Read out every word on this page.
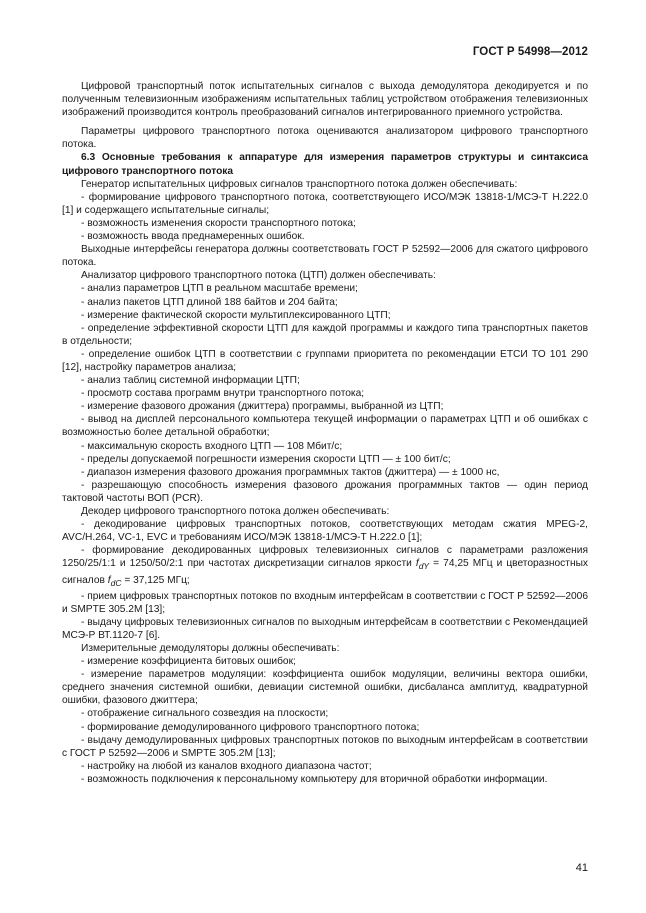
ГОСТ Р 54998—2012

Цифровой транспортный поток испытательных сигналов с выхода демодулятора декодируется и по полученным телевизионным изображениям испытательных таблиц устройством отображения телевизионных изображений производится контроль преобразований сигналов интегрированного приемного устройства.

Параметры цифрового транспортного потока оцениваются анализатором цифрового транспортного потока.

6.3 Основные требования к аппаратуре для измерения параметров структуры и синтаксиса цифрового транспортного потока

Генератор испытательных цифровых сигналов транспортного потока должен обеспечивать:

- формирование цифрового транспортного потока, соответствующего ИСО/МЭК 13818-1/МСЭ-Т Н.222.0 [1] и содержащего испытательные сигналы;

- возможность изменения скорости транспортного потока;

- возможность ввода преднамеренных ошибок.

Выходные интерфейсы генератора должны соответствовать ГОСТ Р 52592—2006 для сжатого цифрового потока.

Анализатор цифрового транспортного потока (ЦТП) должен обеспечивать:

- анализ параметров ЦТП в реальном масштабе времени;

- анализ пакетов ЦТП длиной 188 байтов и 204 байта;

- измерение фактической скорости мультиплексированного ЦТП;

- определение эффективной скорости ЦТП для каждой программы и каждого типа транспортных пакетов в отдельности;

- определение ошибок ЦТП в соответствии с группами приоритета по рекомендации ЕТСИ ТО 101 290 [12], настройку параметров анализа;

- анализ таблиц системной информации ЦТП;

- просмотр состава программ внутри транспортного потока;

- измерение фазового дрожания (джиттера) программы, выбранной из ЦТП;

- вывод на дисплей персонального компьютера текущей информации о параметрах ЦТП и об ошибках с возможностью более детальной обработки;

- максимальную скорость входного ЦТП — 108 Мбит/с;

- пределы допускаемой погрешности измерения скорости ЦТП — ± 100 бит/с;

- диапазон измерения фазового дрожания программных тактов (джиттера) — ± 1000 нс,

- разрешающую способность измерения фазового дрожания программных тактов — один период тактовой частоты ВОП (PCR).

Декодер цифрового транспортного потока должен обеспечивать:

- декодирование цифровых транспортных потоков, соответствующих методам сжатия MPEG-2, AVC/H.264, VC-1, EVC и требованиям ИСО/МЭК 13818-1/МСЭ-Т Н.222.0 [1];

- формирование декодированных цифровых телевизионных сигналов с параметрами разложения 1250/25/1:1 и 1250/50/2:1 при частотах дискретизации сигналов яркости $f_{dY} = 74,25$ МГц и цветоразностных сигналов $f_{dC} = 37,125$ МГц;

- прием цифровых транспортных потоков по входным интерфейсам в соответствии с ГОСТ Р 52592—2006 и SMPTE 305.2M [13];

- выдачу цифровых телевизионных сигналов по выходным интерфейсам в соответствии с Рекомендацией МСЭ-Р ВТ.1120-7 [6].

Измерительные демодуляторы должны обеспечивать:

- измерение коэффициента битовых ошибок;

- измерение параметров модуляции: коэффициента ошибок модуляции, величины вектора ошибки, среднего значения системной ошибки, девиации системной ошибки, дисбаланса амплитуд, квадратурной ошибки, фазового джиттера;

- отображение сигнального созвездия на плоскости;

- формирование демодулированного цифрового транспортного потока;

- выдачу демодулированных цифровых транспортных потоков по выходным интерфейсам в соответствии с ГОСТ Р 52592—2006 и SMPTE 305.2M [13];

- настройку на любой из каналов входного диапазона частот;

- возможность подключения к персональному компьютеру для вторичной обработки информации.

41
